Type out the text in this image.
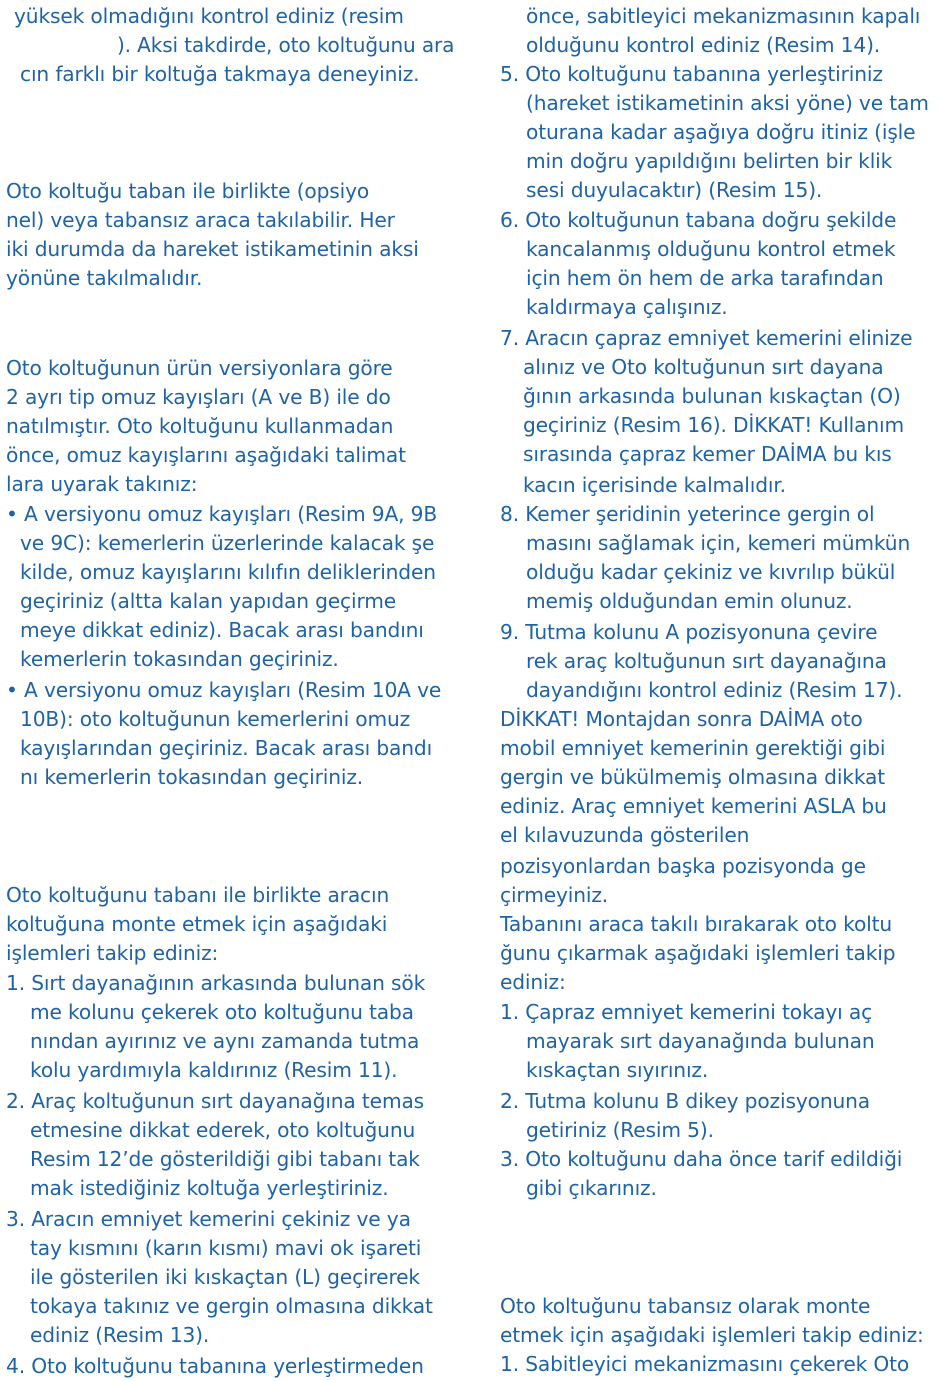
yüksek olmadığını kontrol ediniz (resim
). Aksi takdirde, oto koltuğunu ara
cın farklı bir koltuğa takmaya deneyiniz.
Oto koltuğu taban ile birlikte (opsiyo
nel) veya tabansız araca takılabilir. Her
iki durumda da hareket istikametinin aksi
yönüne takılmalıdır.
Oto koltuğunun ürün versiyonlara göre
2 ayrı tip omuz kayışları (A ve B) ile do
natılmıştır. Oto koltuğunu kullanmadan
önce, omuz kayışlarını aşağıdaki talimat
lara uyarak takınız:
• A versiyonu omuz kayışları (Resim 9A, 9B
ve 9C): kemerlerin üzerlerinde kalacak şe
kilde, omuz kayışlarını kılıfın deliklerinden
geçiriniz (altta kalan yapıdan geçirme
meye dikkat ediniz). Bacak arası bandını
kemerlerin tokasından geçiriniz.
• A versiyonu omuz kayışları (Resim 10A ve
10B): oto koltuğunun kemerlerini omuz
kayışlarından geçiriniz. Bacak arası bandı
nı kemerlerin tokasından geçiriniz.
Oto koltuğunu tabanı ile birlikte aracın
koltuğuna monte etmek için aşağıdaki
işlemleri takip ediniz:
1. Sırt dayanağının arkasında bulunan sök
me kolunu çekerek oto koltuğunu taba
nından ayırınız ve aynı zamanda tutma
kolu yardımıyla kaldırınız (Resim 11).
2. Araç koltuğunun sırt dayanağına temas
etmesine dikkat ederek, oto koltuğunu
Resim 12’de gösterildiği gibi tabanı tak
mak istediğiniz koltuğa yerleştiriniz.
3. Aracın emniyet kemerini çekiniz ve ya
tay kısmını (karın kısmı) mavi ok işareti
ile gösterilen iki kıskaçtan (L) geçirerek
tokaya takınız ve gergin olmasına dikkat
ediniz (Resim 13).
4. Oto koltuğunu tabanına yerleştirmeden
önce, sabitleyici mekanizmasının kapalı
olduğunu kontrol ediniz (Resim 14).
5. Oto koltuğunu tabanına yerleştiriniz
(hareket istikametinin aksi yöne) ve tam
oturana kadar aşağıya doğru itiniz (işle
min doğru yapıldığını belirten bir klik
sesi duyulacaktır) (Resim 15).
6. Oto koltuğunun tabana doğru şekilde
kancalanmış olduğunu kontrol etmek
için hem ön hem de arka tarafından
kaldırmaya çalışınız.
7. Aracın çapraz emniyet kemerini elinize
alınız ve Oto koltuğunun sırt dayana
ğının arkasında bulunan kıskaçtan (O)
geçiriniz (Resim 16). DİKKAT! Kullanım
sırasında çapraz kemer DAİMA bu kıs
kacın içerisinde kalmalıdır.
8. Kemer şeridinin yeterince gergin ol
masını sağlamak için, kemeri mümkün
olduğu kadar çekiniz ve kıvrılıp bükül
memiş olduğundan emin olunuz.
9. Tutma kolunu A pozisyonuna çevire
rek araç koltuğunun sırt dayanağına
dayandığını kontrol ediniz (Resim 17).
DİKKAT! Montajdan sonra DAİMA oto
mobil emniyet kemerinin gerektiği gibi
gergin ve bükülmemiş olmasına dikkat
ediniz. Araç emniyet kemerini ASLA bu
el kılavuzunda gösterilen
pozisyonlardan başka pozisyonda ge
çirmeyiniz.
Tabanını araca takılı bırakarak oto koltu
ğunu çıkarmak aşağıdaki işlemleri takip
ediniz:
1. Çapraz emniyet kemerini tokayı aç
mayarak sırt dayanağında bulunan
kıskaçtan sıyırınız.
2. Tutma kolunu B dikey pozisyonuna
getiriniz (Resim 5).
3. Oto koltuğunu daha önce tarif edildiği
gibi çıkarınız.
Oto koltuğunu tabansız olarak monte
etmek için aşağıdaki işlemleri takip ediniz:
1. Sabitleyici mekanizmasını çekerek Oto
